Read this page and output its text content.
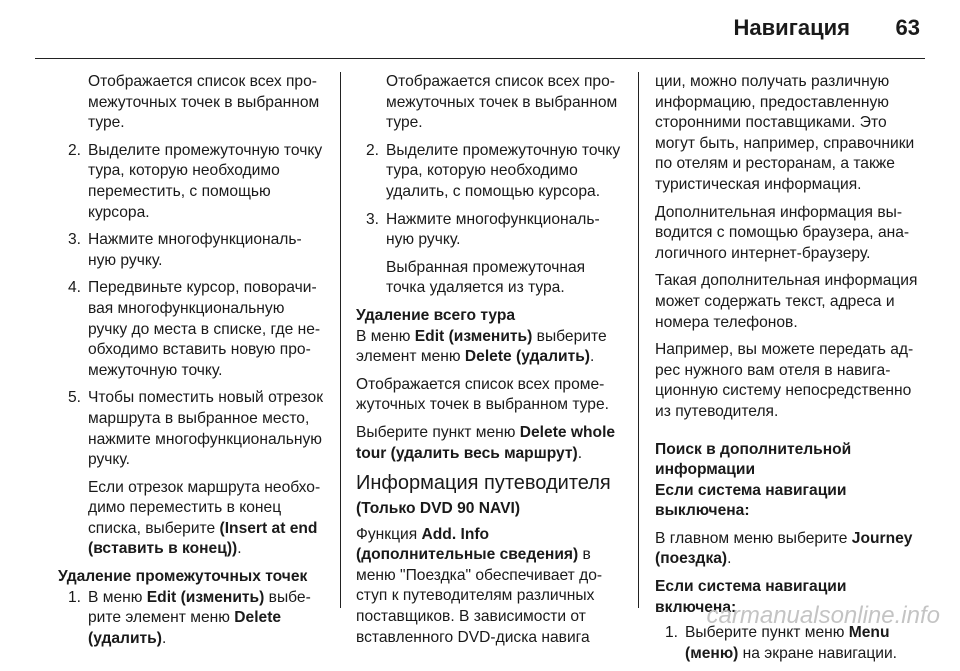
Навигация 63

Отображается список всех промежуточных точек в выбранном туре.

2. Выделите промежуточную точку тура, которую необходимо переместить, с помощью курсора.
3. Нажмите многофункциональную ручку.
4. Передвиньте курсор, поворачивая многофункциональную ручку до места в списке, где необходимо вставить новую промежуточную точку.
5. Чтобы поместить новый отрезок маршрута в выбранное место, нажмите многофункциональную ручку.

Если отрезок маршрута необходимо переместить в конец списка, выберите (Insert at end (вставить в конец)).

Удаление промежуточных точек

1. В меню Edit (изменить) выберите элемент меню Delete (удалить).

Отображается список всех промежуточных точек в выбранном туре.

2. Выделите промежуточную точку тура, которую необходимо удалить, с помощью курсора.
3. Нажмите многофункциональную ручку.

Выбранная промежуточная точка удаляется из тура.

Удаление всего тура

В меню Edit (изменить) выберите элемент меню Delete (удалить).

Отображается список всех промежуточных точек в выбранном туре.

Выберите пункт меню Delete whole tour (удалить весь маршрут).

Информация путеводителя

(Только DVD 90 NAVI)

Функция Add. Info (дополнительные сведения) в меню "Поездка" обеспечивает доступ к путеводителям различных поставщиков. В зависимости от вставленного DVD-диска навига

ции, можно получать различную информацию, предоставленную сторонними поставщиками. Это могут быть, например, справочники по отелям и ресторанам, а также туристическая информация.

Дополнительная информация выводится с помощью браузера, аналогичного интернет-браузеру.

Такая дополнительная информация может содержать текст, адреса и номера телефонов.

Например, вы можете передать адрес нужного вам отеля в навигационную систему непосредственно из путеводителя.

Поиск в дополнительной информации

Если система навигации выключена:

В главном меню выберите Journey (поездка).

Если система навигации включена:

1. Выберите пункт меню Menu (меню) на экране навигации.
carmanualsonline.info
